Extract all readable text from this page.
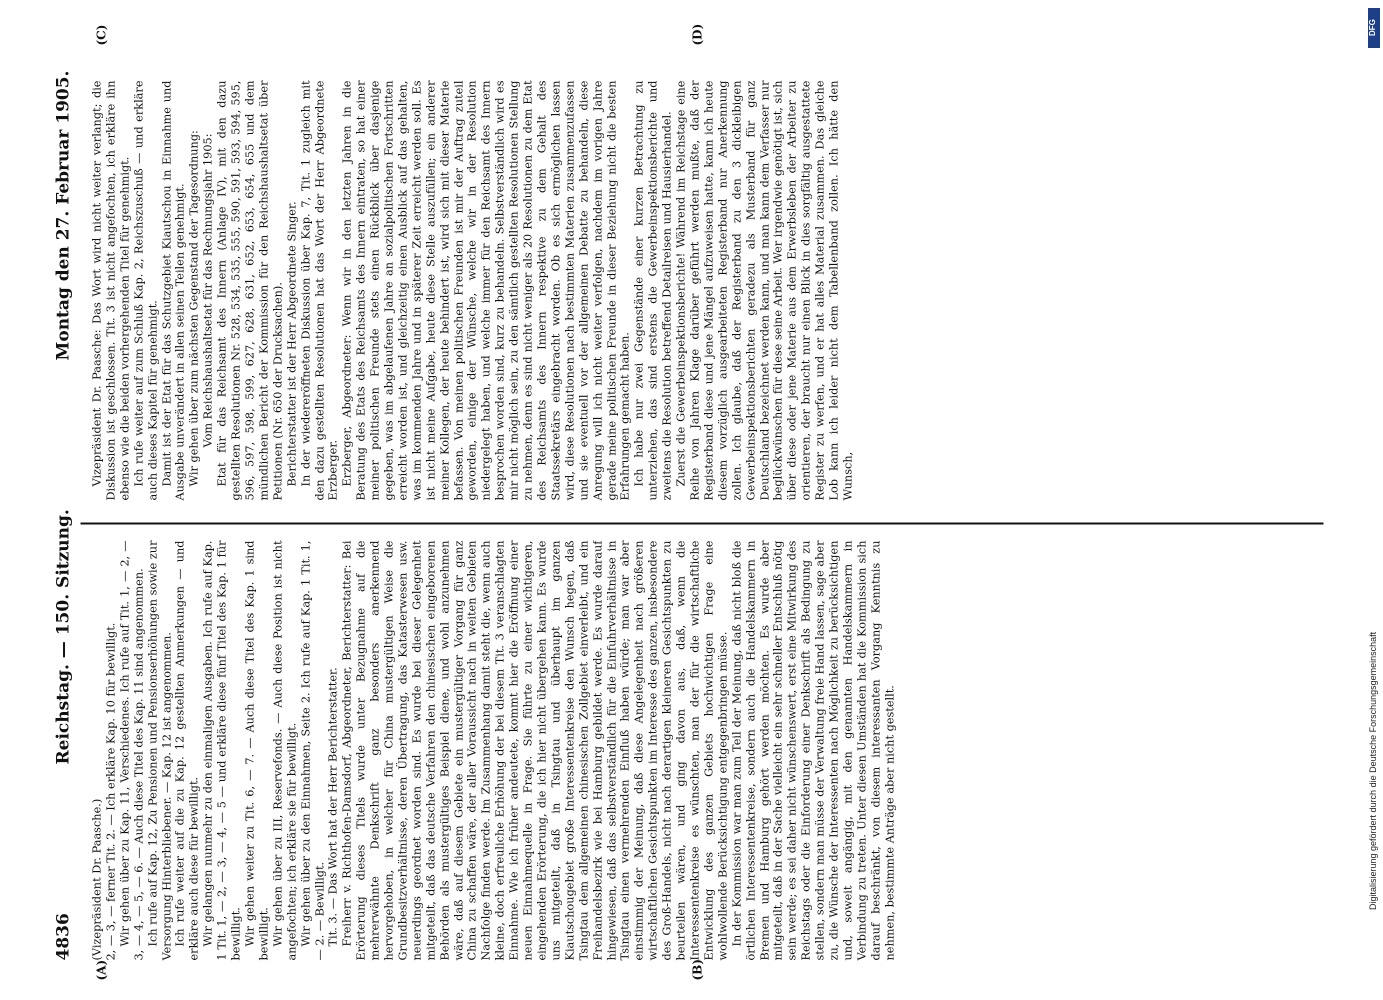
4836
Reichstag. — 150. Sitzung.
Montag den 27. Februar 1905.
(A)	(B)
(C)	(D)

(Vizepräsident Dr. Paasche.) 2, — 3, — ferner Tit. 2. — Ich erkläre Kap. 10 für bewilligt. Wir gehen über zu Kap. 11, Verschiedenes. Ich rufe auf Tit. 1, — 2, — 3, — 4, — 5, — 6. — Auch diese Titel des Kap. 11 sind angenommen. Ich rufe auf Kap. 12, Zu Pensionen und Pensionserhöhungen sowie zur Versorgung Hinterbliebener. — Kap. 12 ist angenommen. Ich rufe weiter auf die zu Kap. 12 gestellten Anmerkungen — und erkläre auch diese für bewilligt. Wir gelangen nunmehr zu den einmaligen Ausgaben. Ich rufe auf Kap. 1 Tit. 1, — 2, — 3, — 4, — 5 — und erkläre diese fünf Titel des Kap. 1 für bewilligt. Wir gehen weiter zu Tit. 6, — 7. — Auch diese Titel des Kap. 1 sind bewilligt. Wir gehen über zu III, Reservefonds. — Auch diese Position ist nicht angefochten; ich erkläre sie für bewilligt. Wir gehen über zu den Einnahmen, Seite 2. Ich rufe auf Kap. 1 Tit. 1, — 2. — Bewilligt. Tit. 3. — Das Wort hat der Herr Berichterstatter. Freiherr v. Richthofen-Damsdorf, Abgeordneter, Berichterstatter: Bei Erörterung dieses Titels wurde unter Bezugnahme auf die mehrerwähnte Denkschrift ganz besonders anerkennend hervorgehoben, in welcher für China mustergültigen Weise die Grundbesitzverhältnisse, deren Übertragung, das Katasterwesen usw. neuerdings geordnet worden sind. Es wurde bei dieser Gelegenheit mitgeteilt, daß das deutsche Verfahren den chinesischen eingeborenen Behörden als mustergültiges Beispiel diene, und wohl anzunehmen wäre, daß auf diesem Gebiete ein mustergültiger Vorgang für ganz China zu schaffen wäre, der aller Voraussicht nach in weiten Gebieten Nachfolge finden werde. Im Zusammenhang damit steht die, wenn auch kleine, doch erfreuliche Erhöhung der bei diesem Tit. 3 veranschlagten Einnahme. Wie ich früher andeutete, kommt hier die Eröffnung einer neuen Einnahmequelle in Frage. Sie führte zu einer wichtigeren, eingehenden Erörterung, die ich hier nicht übergehen kann. Es wurde uns mitgeteilt, daß in Tsingtau und überhaupt im ganzen Kiautschougebiet große Interessentenkreise den Wunsch hegen, daß Tsingtau dem allgemeinen chinesischen Zollgebiet einverleibt, und ein Freihandelsbezirk wie bei Hamburg gebildet werde. Es wurde darauf hingewiesen, daß das selbstverständlich für die Einfuhrverhältnisse in Tsingtau einen vermehrenden Einfluß haben würde; man war aber einstimmig der Meinung, daß diese Angelegenheit nach größeren wirtschaftlichen Gesichtspunkten im Interesse des ganzen, insbesondere des Groß-Handels, nicht nach derartigen kleineren Gesichtspunkten zu beurteilen wären, und ging davon aus, daß, wenn die Interessentenkreise es wünschten, man der für die wirtschaftliche Entwicklung des ganzen Gebiets hochwichtigen Frage eine wohlwollende Berücksichtigung entgegenbringen müsse. In der Kommission war man zum Teil der Meinung, daß nicht bloß die örtlichen Interessentenkreise, sondern auch die Handelskammern in Bremen und Hamburg gehört werden möchten. Es wurde aber mitgeteilt, daß in der Sache vielleicht ein sehr schneller Entschluß nötig sein werde; es sei daher nicht wünschenswert, erst eine Mitwirkung des Reichstags oder die Einforderung einer Denkschrift als Bedingung zu stellen, sondern man müsse der Verwaltung freie Hand lassen, sage aber zu, die Wünsche der Interessenten nach Möglichkeit zu berücksichtigen und, soweit angängig, mit den genannten Handelskammern in Verbindung zu treten. Unter diesen Umständen hat die Kommission sich darauf beschränkt, von diesem interessanten Vorgang Kenntnis zu nehmen, bestimmte Anträge aber nicht gestellt.

Vizepräsident Dr. Paasche: Das Wort wird nicht weiter verlangt; die Diskussion ist geschlossen. Tit. 3 ist nicht angefochten, ich erkläre ihn ebenso wie die beiden vorhergehenden Titel für genehmigt. Ich rufe weiter auf zum Schluß Kap. 2, Reichszuschuß — und erkläre auch dieses Kapitel für genehmigt. Damit ist der Etat für das Schutzgebiet Kiautschou in Einnahme und Ausgabe unverändert in allen seinen Teilen genehmigt. Wir gehen über zum nächsten Gegenstand der Tagesordnung: Vom Reichshaushaltsetat für das Rechnungsjahr 1905: Etat für das Reichsamt des Innern (Anlage IV), mit den dazu gestellten Resolutionen Nr. 528, 534, 535, 555, 590, 591, 593, 594, 595, 596, 597, 598, 599, 627, 628, 631, 652, 653, 654, 655 und dem mündlichen Bericht der Kommission für den Reichshaushaltsetat über Petitionen (Nr. 650 der Drucksachen). Berichterstatter ist der Herr Abgeordnete Singer. In der wiedereröffneten Diskussion über Kap. 7, Tit. 1 zugleich mit den dazu gestellten Resolutionen hat das Wort der Herr Abgeordnete Erzberger. Erzberger, Abgeordneter: Wenn wir in den letzten Jahren in die Beratung des Etats des Reichsamts des Innern eintraten, so hat einer meiner politischen Freunde stets einen Rückblick über dasjenige gegeben, was im abgelaufenen Jahre an sozialpolitischen Fortschritten erreicht worden ist, und gleichzeitig einen Ausblick auf das gehalten, was im kommenden Jahre und in späterer Zeit erreicht werden soll. Es ist nicht meine Aufgabe, heute diese Stelle auszufüllen; ein anderer meiner Kollegen, der heute behindert ist, wird sich mit dieser Materie befassen. Von meinen politischen Freunden ist mir der Auftrag zuteil geworden, einige der Wünsche, welche wir in der Resolution niedergelegt haben, und welche immer für den Reichsamt des Innern besprochen worden sind, kurz zu behandeln. Selbstverständlich wird es mir nicht möglich sein, zu den sämtlich gestellten Resolutionen Stellung zu nehmen, denn es sind nicht weniger als 20 Resolutionen zu dem Etat des Reichsamts des Innern respektive zu dem Gehalt des Staatssekretärs eingebracht worden. Ob es sich ermöglichen lassen wird, diese Resolutionen nach bestimmten Materien zusammenzufassen und sie eventuell vor der allgemeinen Debatte zu behandeln, diese Anregung will ich nicht weiter verfolgen, nachdem im vorigen Jahre gerade meine politischen Freunde in dieser Beziehung nicht die besten Erfahrungen gemacht haben. Ich habe nur zwei Gegenstände einer kurzen Betrachtung zu unterziehen, das sind erstens die Gewerbeinspektionsberichte und zweitens die Resolution betreffend Detailreisen und Hausierhandel. Zuerst die Gewerbeinspektionsberichte! Während im Reichstage eine Reihe von Jahren Klage darüber geführt werden mußte, daß der Registerband diese und jene Mängel aufzuweisen hatte, kann ich heute diesem vorzüglich ausgearbeiteten Registerband nur Anerkennung zollen. Ich glaube, daß der Registerband zu den 3 dickleibigen Gewerbeinspektionsberichten geradezu als Musterband für ganz Deutschland bezeichnet werden kann, und man kann dem Verfasser nur beglückwünschen für diese seine Arbeit. Wer irgendwie genötigt ist, sich über diese oder jene Materie aus dem Erwerbsleben der Arbeiter zu orientieren, der braucht nur einen Blick in dies sorgfältig ausgestattete Register zu werfen, und er hat alles Material zusammen. Das gleiche Lob kann ich leider nicht dem Tabellenband zollen. Ich hätte den Wunsch,

DFG
Digitalisierung gefördert durch die Deutsche Forschungsgemeinschaft
